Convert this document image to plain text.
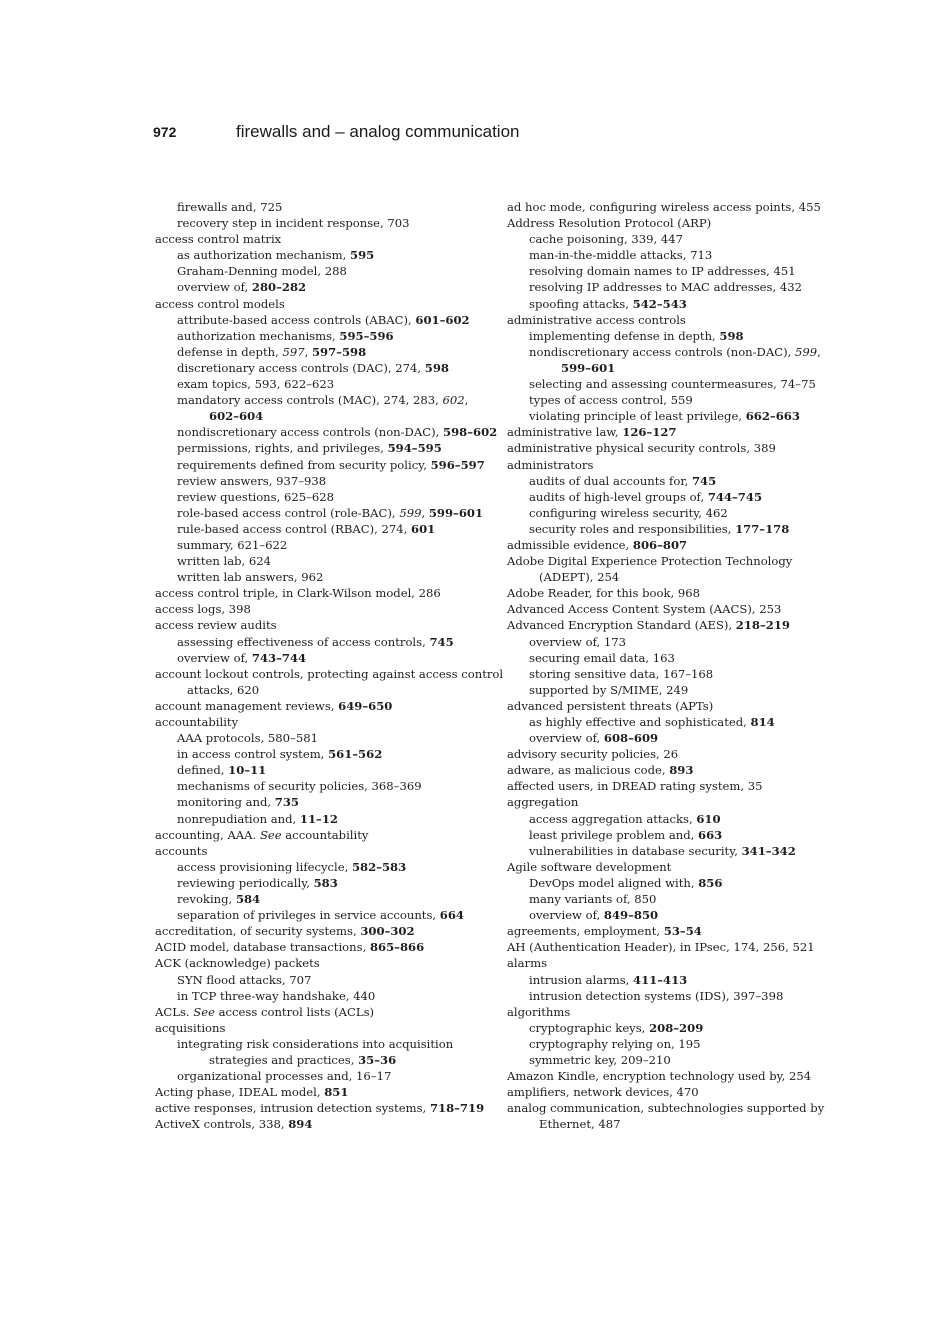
972	firewalls and – analog communication
firewalls and, 725
recovery step in incident response, 703
access control matrix
as authorization mechanism, 595
Graham-Denning model, 288
overview of, 280–282
access control models
attribute-based access controls (ABAC), 601–602
authorization mechanisms, 595–596
defense in depth, 597, 597–598
discretionary access controls (DAC), 274, 598
exam topics, 593, 622–623
mandatory access controls (MAC), 274, 283, 602,
602–604
nondiscretionary access controls (non-DAC), 598–602
permissions, rights, and privileges, 594–595
requirements defined from security policy, 596–597
review answers, 937–938
review questions, 625–628
role-based access control (role-BAC), 599, 599–601
rule-based access control (RBAC), 274, 601
summary, 621–622
written lab, 624
written lab answers, 962
access control triple, in Clark-Wilson model, 286
access logs, 398
access review audits
assessing effectiveness of access controls, 745
overview of, 743–744
account lockout controls, protecting against access control
attacks, 620
account management reviews, 649–650
accountability
AAA protocols, 580–581
in access control system, 561–562
defined, 10–11
mechanisms of security policies, 368–369
monitoring and, 735
nonrepudiation and, 11–12
accounting, AAA. See accountability
accounts
access provisioning lifecycle, 582–583
reviewing periodically, 583
revoking, 584
separation of privileges in service accounts, 664
accreditation, of security systems, 300–302
ACID model, database transactions, 865–866
ACK (acknowledge) packets
SYN flood attacks, 707
in TCP three-way handshake, 440
ACLs. See access control lists (ACLs)
acquisitions
integrating risk considerations into acquisition
strategies and practices, 35–36
organizational processes and, 16–17
Acting phase, IDEAL model, 851
active responses, intrusion detection systems, 718–719
ActiveX controls, 338, 894
ad hoc mode, configuring wireless access points, 455
Address Resolution Protocol (ARP)
cache poisoning, 339, 447
man-in-the-middle attacks, 713
resolving domain names to IP addresses, 451
resolving IP addresses to MAC addresses, 432
spoofing attacks, 542–543
administrative access controls
implementing defense in depth, 598
nondiscretionary access controls (non-DAC), 599,
599–601
selecting and assessing countermeasures, 74–75
types of access control, 559
violating principle of least privilege, 662–663
administrative law, 126–127
administrative physical security controls, 389
administrators
audits of dual accounts for, 745
audits of high-level groups of, 744–745
configuring wireless security, 462
security roles and responsibilities, 177–178
admissible evidence, 806–807
Adobe Digital Experience Protection Technology
(ADEPT), 254
Adobe Reader, for this book, 968
Advanced Access Content System (AACS), 253
Advanced Encryption Standard (AES), 218–219
overview of, 173
securing email data, 163
storing sensitive data, 167–168
supported by S/MIME, 249
advanced persistent threats (APTs)
as highly effective and sophisticated, 814
overview of, 608–609
advisory security policies, 26
adware, as malicious code, 893
affected users, in DREAD rating system, 35
aggregation
access aggregation attacks, 610
least privilege problem and, 663
vulnerabilities in database security, 341–342
Agile software development
DevOps model aligned with, 856
many variants of, 850
overview of, 849–850
agreements, employment, 53–54
AH (Authentication Header), in IPsec, 174, 256, 521
alarms
intrusion alarms, 411–413
intrusion detection systems (IDS), 397–398
algorithms
cryptographic keys, 208–209
cryptography relying on, 195
symmetric key, 209–210
Amazon Kindle, encryption technology used by, 254
amplifiers, network devices, 470
analog communication, subtechnologies supported by
Ethernet, 487
